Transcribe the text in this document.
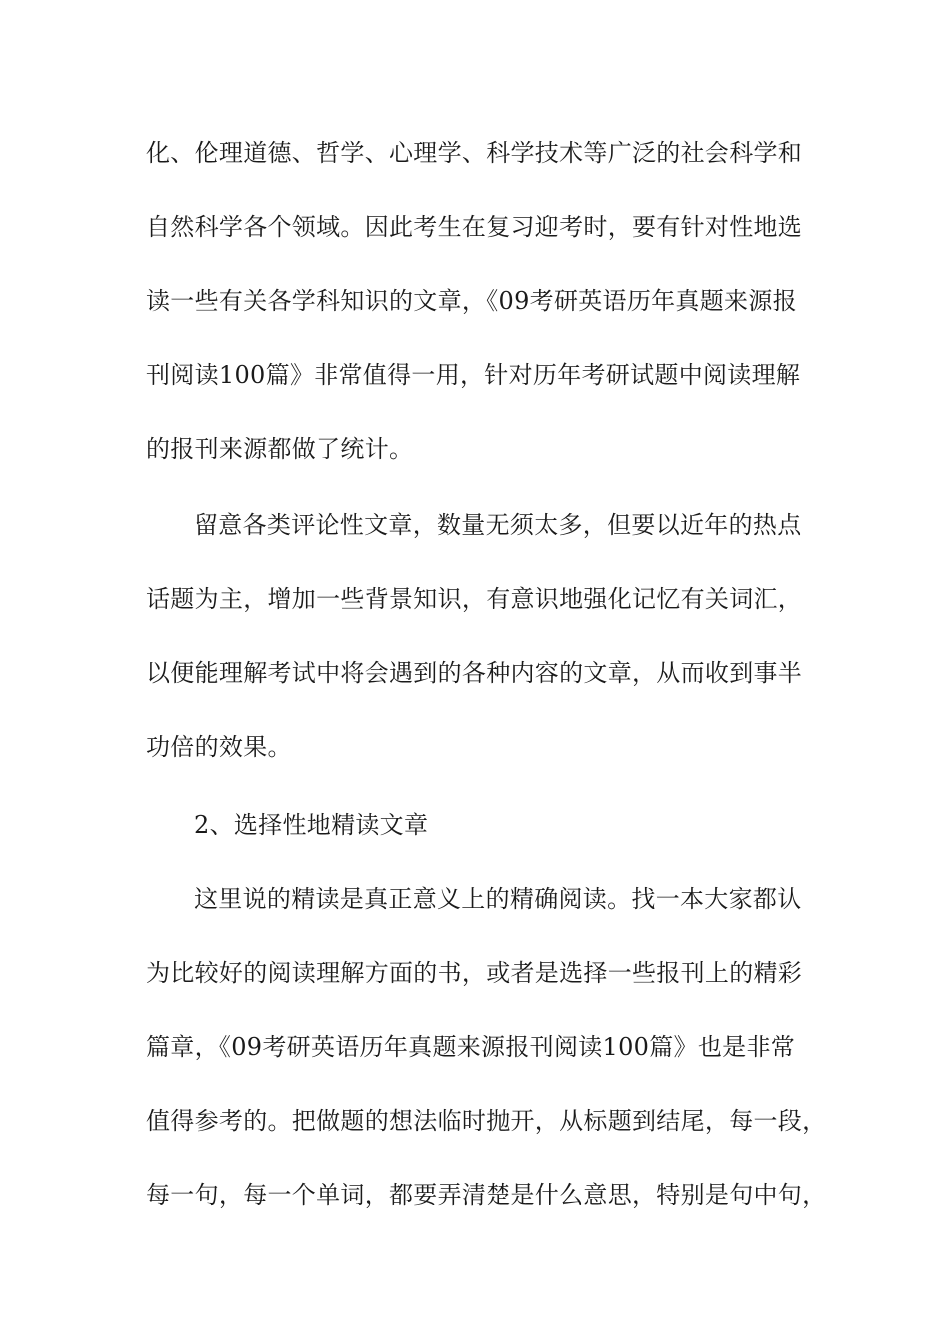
化、伦理道德、哲学、心理学、科学技术等广泛的社会科学和
自然科学各个领域。因此考生在复习迎考时，要有针对性地选
读一些有关各学科知识的文章，《09考研英语历年真题来源报
刊阅读100篇》非常值得一用，针对历年考研试题中阅读理解
的报刊来源都做了统计。
留意各类评论性文章，数量无须太多，但要以近年的热点
话题为主，增加一些背景知识，有意识地强化记忆有关词汇，
以便能理解考试中将会遇到的各种内容的文章，从而收到事半
功倍的效果。
2、选择性地精读文章
这里说的精读是真正意义上的精确阅读。找一本大家都认
为比较好的阅读理解方面的书，或者是选择一些报刊上的精彩
篇章，《09考研英语历年真题来源报刊阅读100篇》也是非常
值得参考的。把做题的想法临时抛开，从标题到结尾，每一段，
每一句，每一个单词，都要弄清楚是什么意思，特别是句中句，
